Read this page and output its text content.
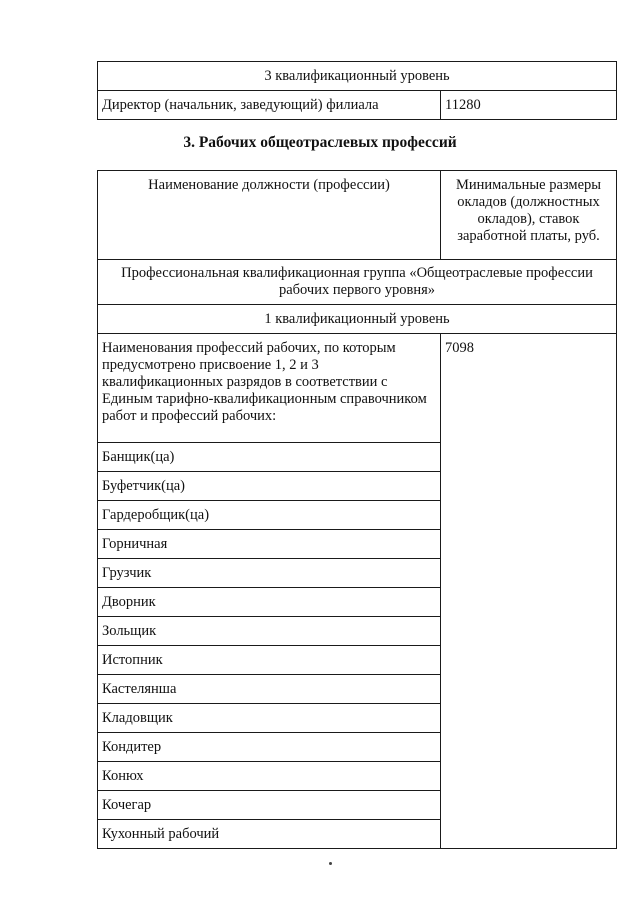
3 квалификационный уровень
Директор (начальник, заведующий) филиала	11280
3. Рабочих общеотраслевых профессий
Наименование должности (профессии)	Минимальные размеры окладов (должностных окладов), ставок заработной платы, руб.
Профессиональная квалификационная группа «Общеотраслевые профессии рабочих первого уровня»	
1 квалификационный уровень	
Наименования профессий рабочих, по которым предусмотрено присвоение 1, 2 и 3 квалификационных разрядов в соответствии с Единым тарифно-квалификационным справочником работ и профессий рабочих:	7098
Банщик(ца)	
Буфетчик(ца)	
Гардеробщик(ца)	
Горничная	
Грузчик	
Дворник	
Зольщик	
Истопник	
Кастелянша	
Кладовщик	
Кондитер	
Конюх	
Кочегар	
Кухонный рабочий	
